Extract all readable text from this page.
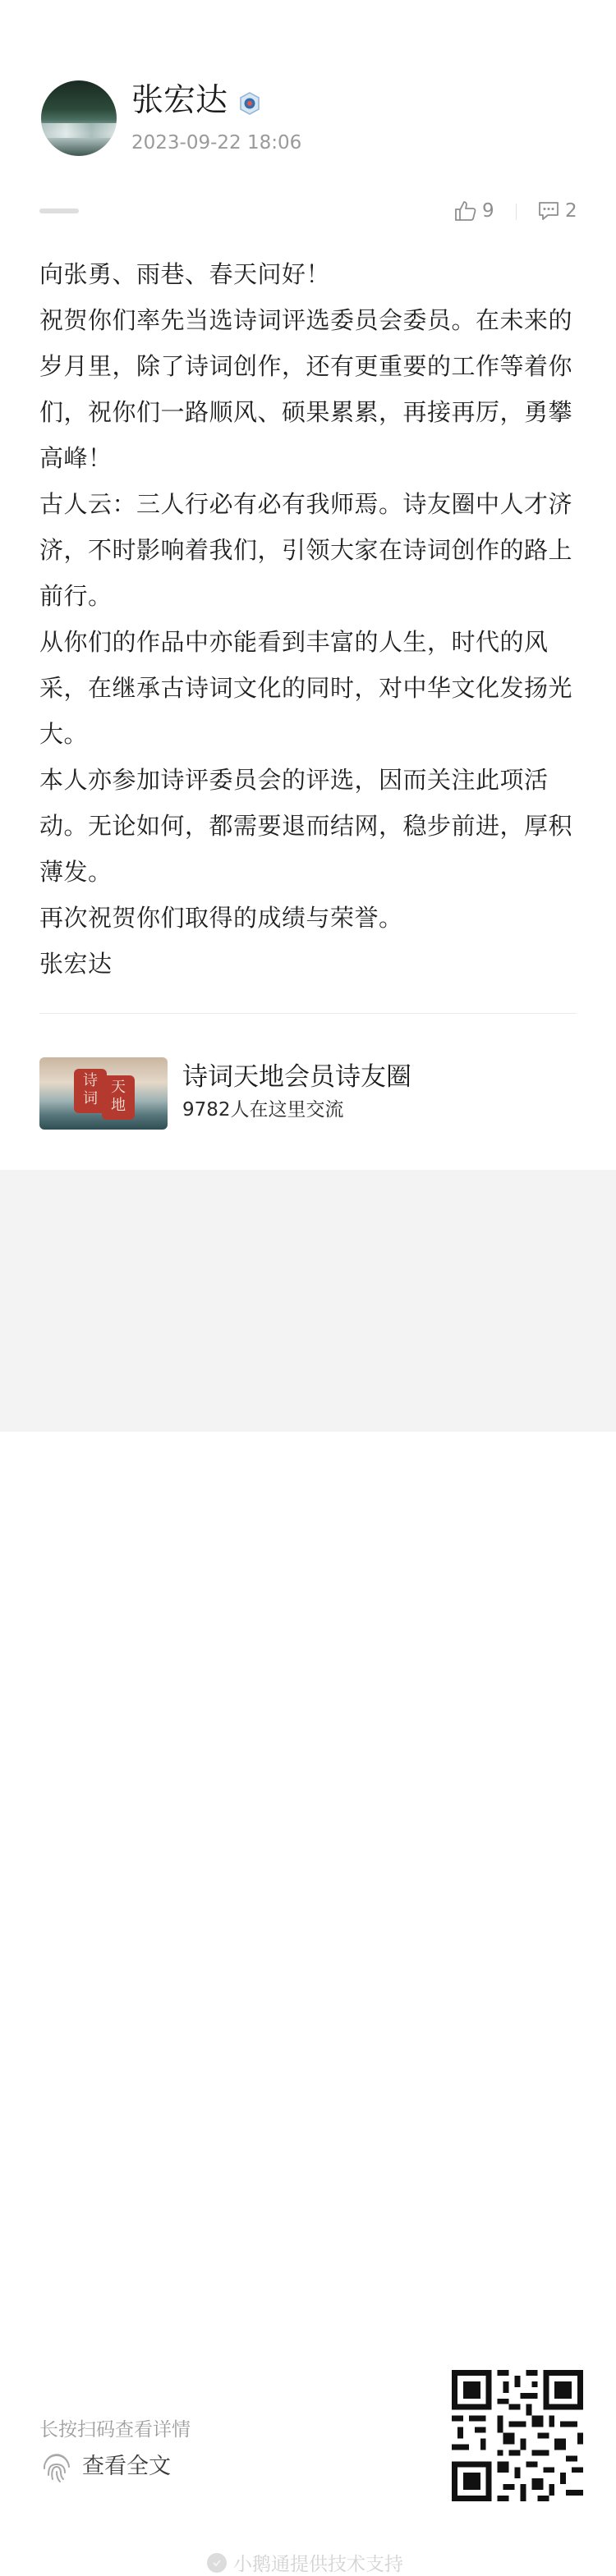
张宏达
2023-09-22 18:06
9	2

向张勇、雨巷、春天问好！

祝贺你们率先当选诗词评选委员会委员。在未来的岁月里，除了诗词创作，还有更重要的工作等着你们，祝你们一路顺风、硕果累累，再接再厉，勇攀高峰！

古人云：三人行必有必有我师焉。诗友圈中人才济济，不时影响着我们，引领大家在诗词创作的路上前行。

从你们的作品中亦能看到丰富的人生，时代的风采，在继承古诗词文化的同时，对中华文化发扬光大。

本人亦参加诗评委员会的评选，因而关注此项活动。无论如何，都需要退而结网，稳步前进，厚积薄发。

再次祝贺你们取得的成绩与荣誉。

张宏达

诗
词
天
地
诗词天地会员诗友圈
9782人在这里交流
长按扫码查看详情
查看全文
小鹅通提供技术支持
